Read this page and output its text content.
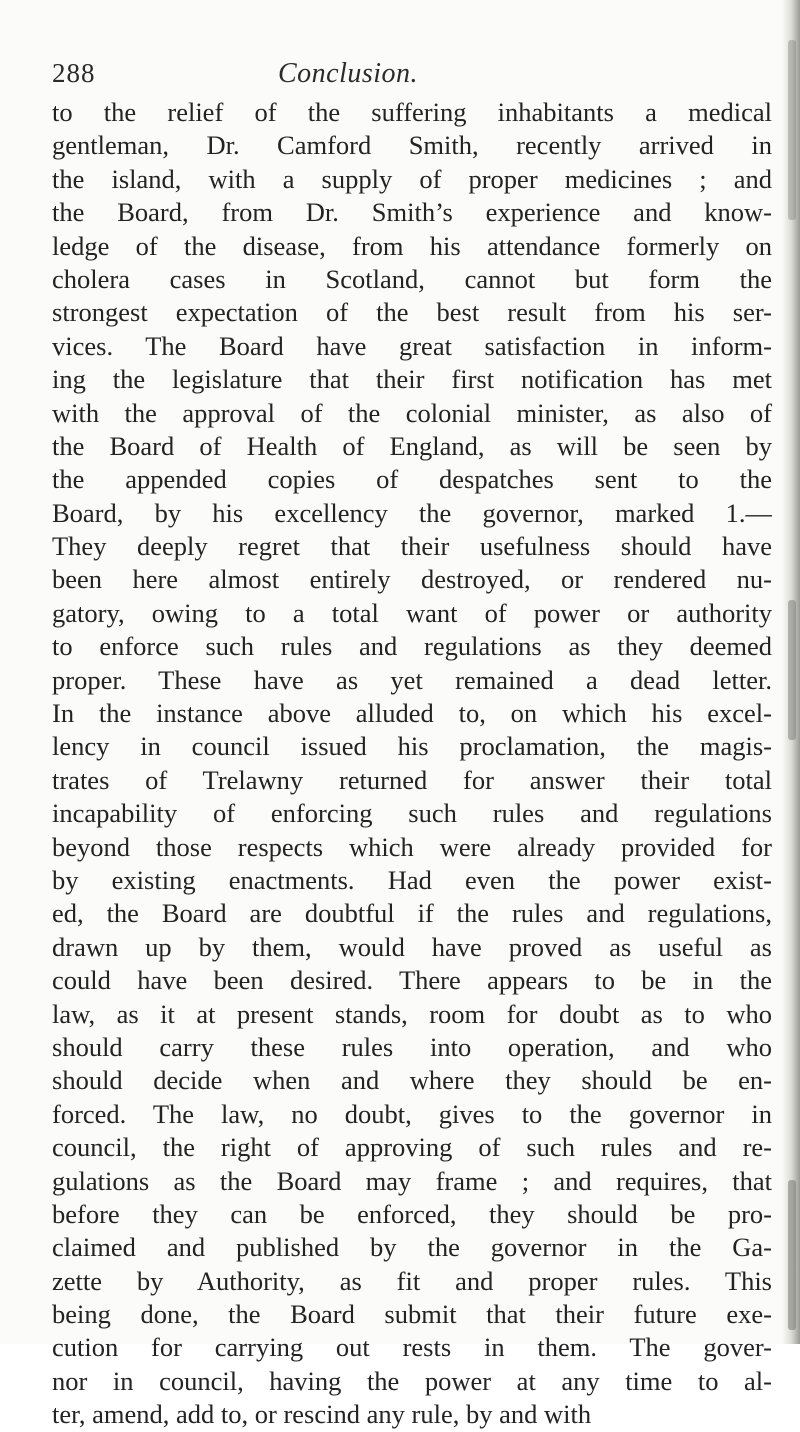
288	Conclusion.
to the relief of the suffering inhabitants a medical
gentleman, Dr. Camford Smith, recently arrived in
the island, with a supply of proper medicines ; and
the Board, from Dr. Smith’s experience and know-
ledge of the disease, from his attendance formerly on
cholera cases in Scotland, cannot but form the
strongest expectation of the best result from his ser-
vices. The Board have great satisfaction in inform-
ing the legislature that their first notification has met
with the approval of the colonial minister, as also of
the Board of Health of England, as will be seen by
the appended copies of despatches sent to the
Board, by his excellency the governor, marked 1.—
They deeply regret that their usefulness should have
been here almost entirely destroyed, or rendered nu-
gatory, owing to a total want of power or authority
to enforce such rules and regulations as they deemed
proper. These have as yet remained a dead letter.
In the instance above alluded to, on which his excel-
lency in council issued his proclamation, the magis-
trates of Trelawny returned for answer their total
incapability of enforcing such rules and regulations
beyond those respects which were already provided for
by existing enactments. Had even the power exist-
ed, the Board are doubtful if the rules and regulations,
drawn up by them, would have proved as useful as
could have been desired. There appears to be in the
law, as it at present stands, room for doubt as to who
should carry these rules into operation, and who
should decide when and where they should be en-
forced. The law, no doubt, gives to the governor in
council, the right of approving of such rules and re-
gulations as the Board may frame ; and requires, that
before they can be enforced, they should be pro-
claimed and published by the governor in the Ga-
zette by Authority, as fit and proper rules. This
being done, the Board submit that their future exe-
cution for carrying out rests in them. The gover-
nor in council, having the power at any time to al-
ter, amend, add to, or rescind any rule, by and with
